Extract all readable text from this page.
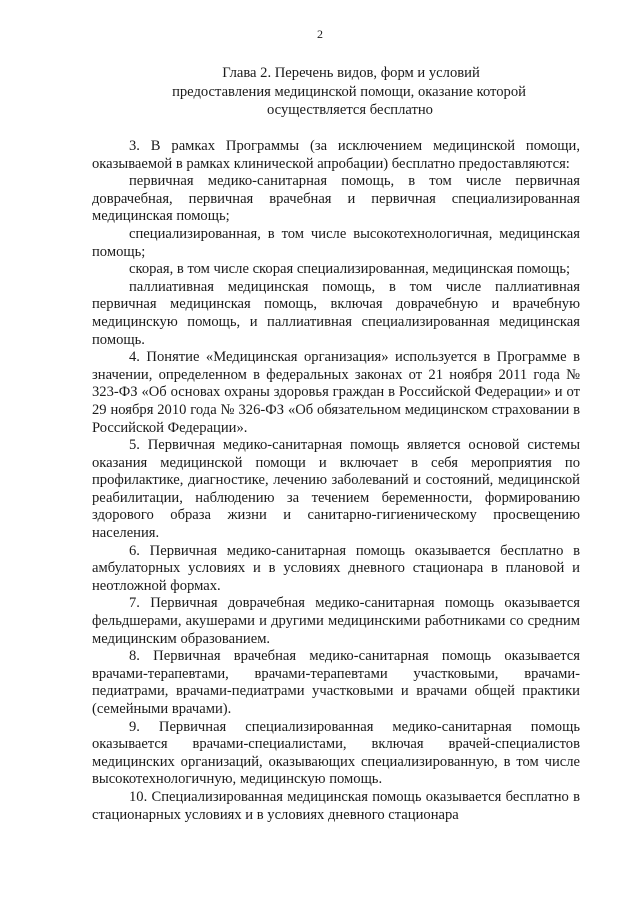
2
Глава 2. Перечень видов, форм и условий
предоставления медицинской помощи, оказание которой
осуществляется бесплатно

3. В рамках Программы (за исключением медицинской помощи, оказываемой в рамках клинической апробации) бесплатно предоставляются:

первичная медико-санитарная помощь, в том числе первичная доврачебная, первичная врачебная и первичная специализированная медицинская помощь;

специализированная, в том числе высокотехнологичная, медицинская помощь;

скорая, в том числе скорая специализированная, медицинская помощь;

паллиативная медицинская помощь, в том числе паллиативная первичная медицинская помощь, включая доврачебную и врачебную медицинскую помощь, и паллиативная специализированная медицинская помощь.

4. Понятие «Медицинская организация» используется в Программе в значении, определенном в федеральных законах от 21 ноября 2011 года № 323-ФЗ «Об основах охраны здоровья граждан в Российской Федерации» и от 29 ноября 2010 года № 326-ФЗ «Об обязательном медицинском страховании в Российской Федерации».

5. Первичная медико-санитарная помощь является основой системы оказания медицинской помощи и включает в себя мероприятия по профилактике, диагностике, лечению заболеваний и состояний, медицинской реабилитации, наблюдению за течением беременности, формированию здорового образа жизни и санитарно-гигиеническому просвещению населения.

6. Первичная медико-санитарная помощь оказывается бесплатно в амбулаторных условиях и в условиях дневного стационара в плановой и неотложной формах.

7. Первичная доврачебная медико-санитарная помощь оказывается фельдшерами, акушерами и другими медицинскими работниками со средним медицинским образованием.

8. Первичная врачебная медико-санитарная помощь оказывается врачами-терапевтами, врачами-терапевтами участковыми, врачами-педиатрами, врачами-педиатрами участковыми и врачами общей практики (семейными врачами).

9. Первичная специализированная медико-санитарная помощь оказывается врачами-специалистами, включая врачей-специалистов медицинских организаций, оказывающих специализированную, в том числе высокотехнологичную, медицинскую помощь.

10. Специализированная медицинская помощь оказывается бесплатно в стационарных условиях и в условиях дневного стационара
